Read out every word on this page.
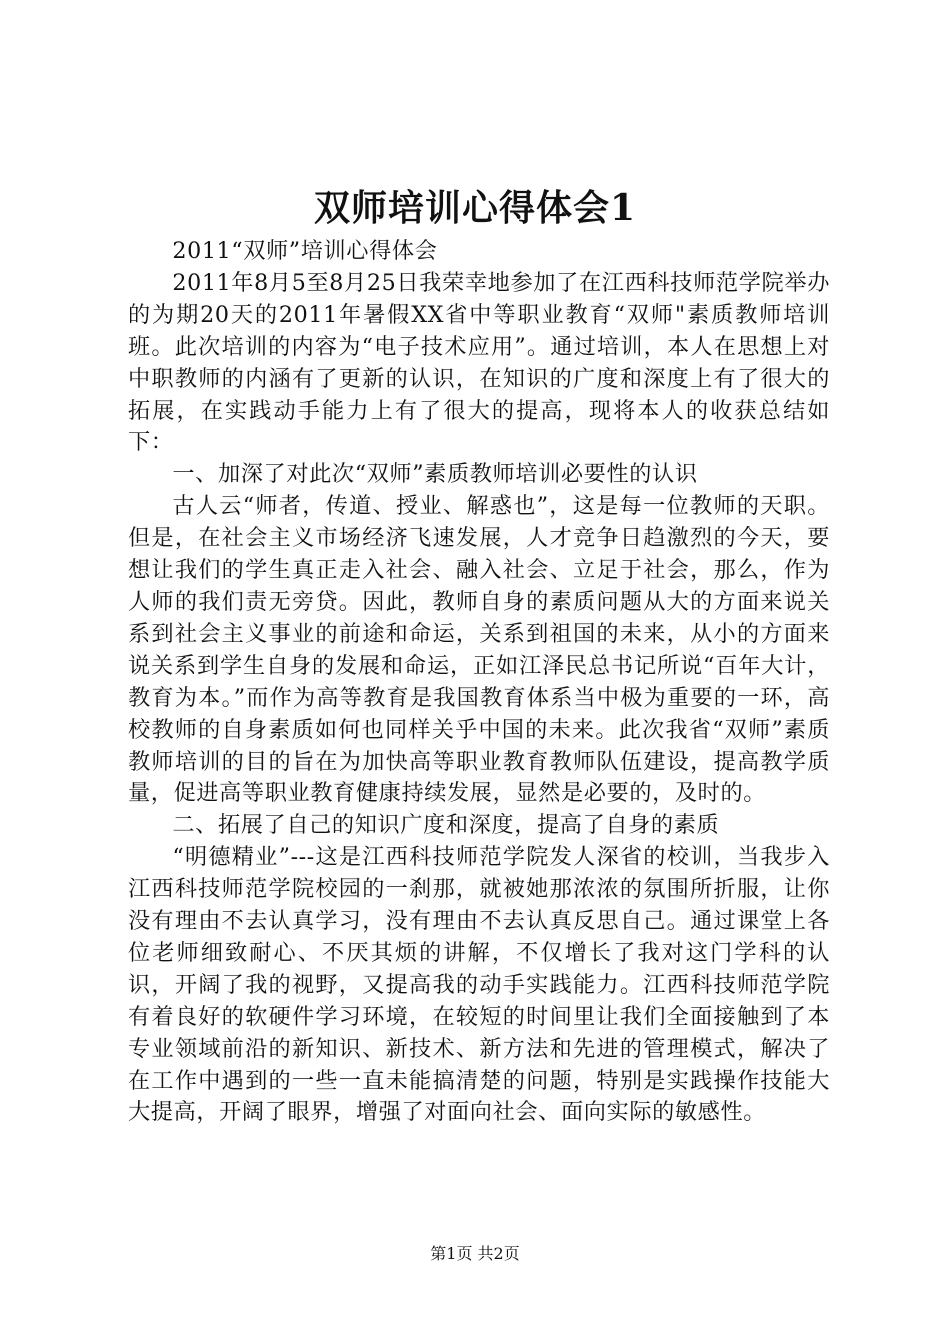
双师培训心得体会1

2011“双师”培训心得体会

2011年8月5至8月25日我荣幸地参加了在江西科技师范学院举办的为期20天的2011年暑假XX省中等职业教育“双师"素质教师培训班。此次培训的内容为“电子技术应用”。通过培训，本人在思想上对中职教师的内涵有了更新的认识，在知识的广度和深度上有了很大的拓展，在实践动手能力上有了很大的提高，现将本人的收获总结如下：

一、加深了对此次“双师”素质教师培训必要性的认识

古人云“师者，传道、授业、解惑也”，这是每一位教师的天职。但是，在社会主义市场经济飞速发展，人才竞争日趋激烈的今天，要想让我们的学生真正走入社会、融入社会、立足于社会，那么，作为人师的我们责无旁贷。因此，教师自身的素质问题从大的方面来说关系到社会主义事业的前途和命运，关系到祖国的未来，从小的方面来说关系到学生自身的发展和命运，正如江泽民总书记所说“百年大计，教育为本。”而作为高等教育是我国教育体系当中极为重要的一环，高校教师的自身素质如何也同样关乎中国的未来。此次我省“双师”素质教师培训的目的旨在为加快高等职业教育教师队伍建设，提高教学质量，促进高等职业教育健康持续发展，显然是必要的，及时的。

二、拓展了自己的知识广度和深度，提高了自身的素质

“明德精业”---这是江西科技师范学院发人深省的校训，当我步入江西科技师范学院校园的一刹那，就被她那浓浓的氛围所折服，让你没有理由不去认真学习，没有理由不去认真反思自己。通过课堂上各位老师细致耐心、不厌其烦的讲解，不仅增长了我对这门学科的认识，开阔了我的视野，又提高我的动手实践能力。江西科技师范学院有着良好的软硬件学习环境，在较短的时间里让我们全面接触到了本专业领域前沿的新知识、新技术、新方法和先进的管理模式，解决了在工作中遇到的一些一直未能搞清楚的问题，特别是实践操作技能大大提高，开阔了眼界，增强了对面向社会、面向实际的敏感性。

第1页 共2页
